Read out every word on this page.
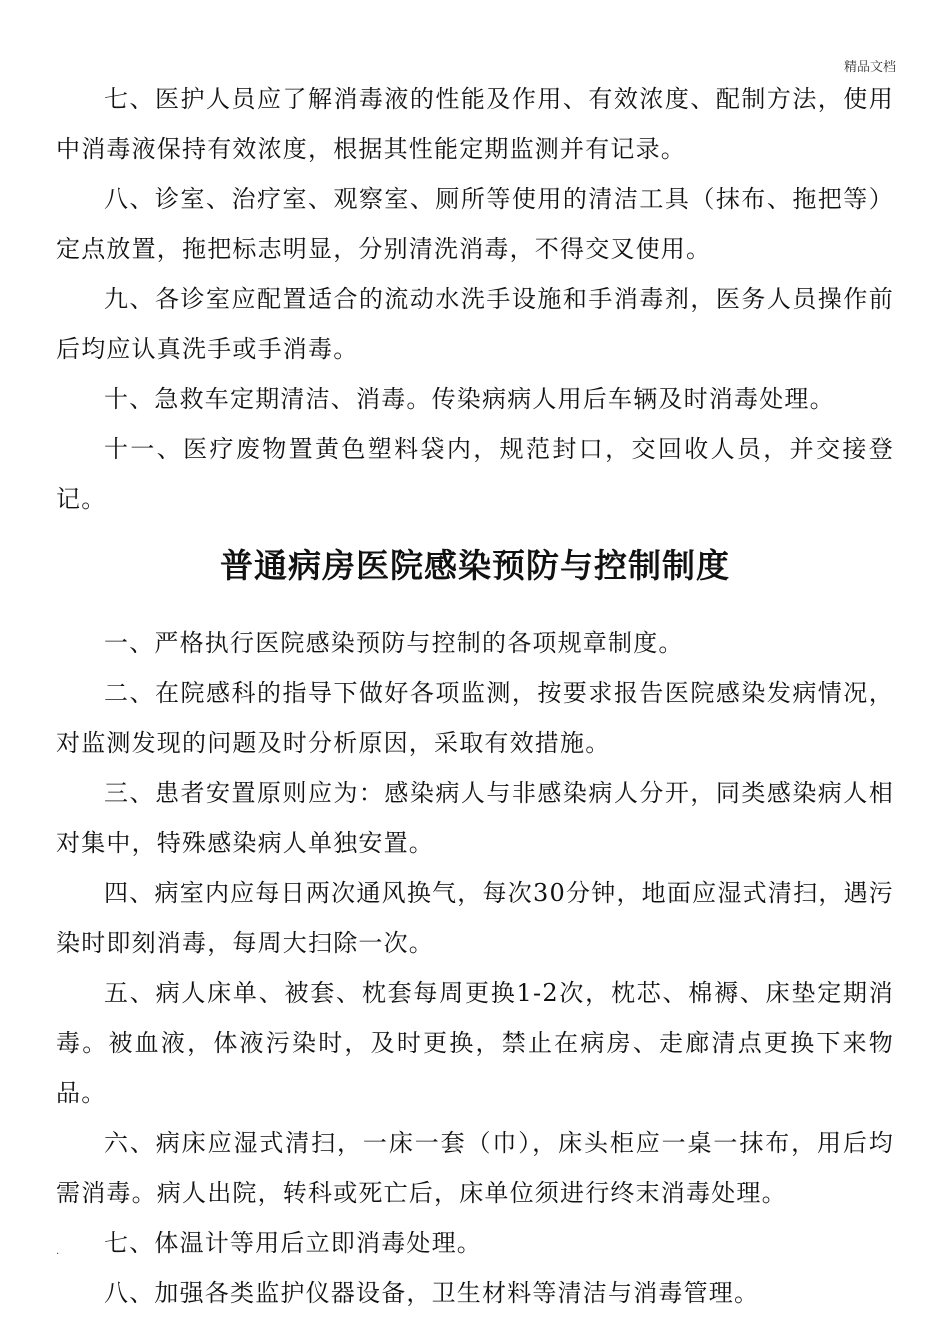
精品文档

七、医护人员应了解消毒液的性能及作用、有效浓度、配制方法，使用中消毒液保持有效浓度，根据其性能定期监测并有记录。

八、诊室、治疗室、观察室、厕所等使用的清洁工具（抹布、拖把等）定点放置，拖把标志明显，分别清洗消毒，不得交叉使用。

九、各诊室应配置适合的流动水洗手设施和手消毒剂，医务人员操作前后均应认真洗手或手消毒。

十、急救车定期清洁、消毒。传染病病人用后车辆及时消毒处理。

十一、医疗废物置黄色塑料袋内，规范封口，交回收人员，并交接登记。

普通病房医院感染预防与控制制度

一、严格执行医院感染预防与控制的各项规章制度。

二、在院感科的指导下做好各项监测，按要求报告医院感染发病情况，对监测发现的问题及时分析原因，采取有效措施。

三、患者安置原则应为：感染病人与非感染病人分开，同类感染病人相对集中，特殊感染病人单独安置。

四、病室内应每日两次通风换气，每次30分钟，地面应湿式清扫，遇污染时即刻消毒，每周大扫除一次。

五、病人床单、被套、枕套每周更换1-2次，枕芯、棉褥、床垫定期消毒。被血液，体液污染时，及时更换，禁止在病房、走廊清点更换下来物品。

六、病床应湿式清扫，一床一套（巾），床头柜应一桌一抹布，用后均需消毒。病人出院，转科或死亡后，床单位须进行终末消毒处理。

七、体温计等用后立即消毒处理。

八、加强各类监护仪器设备，卫生材料等清洁与消毒管理。

.
